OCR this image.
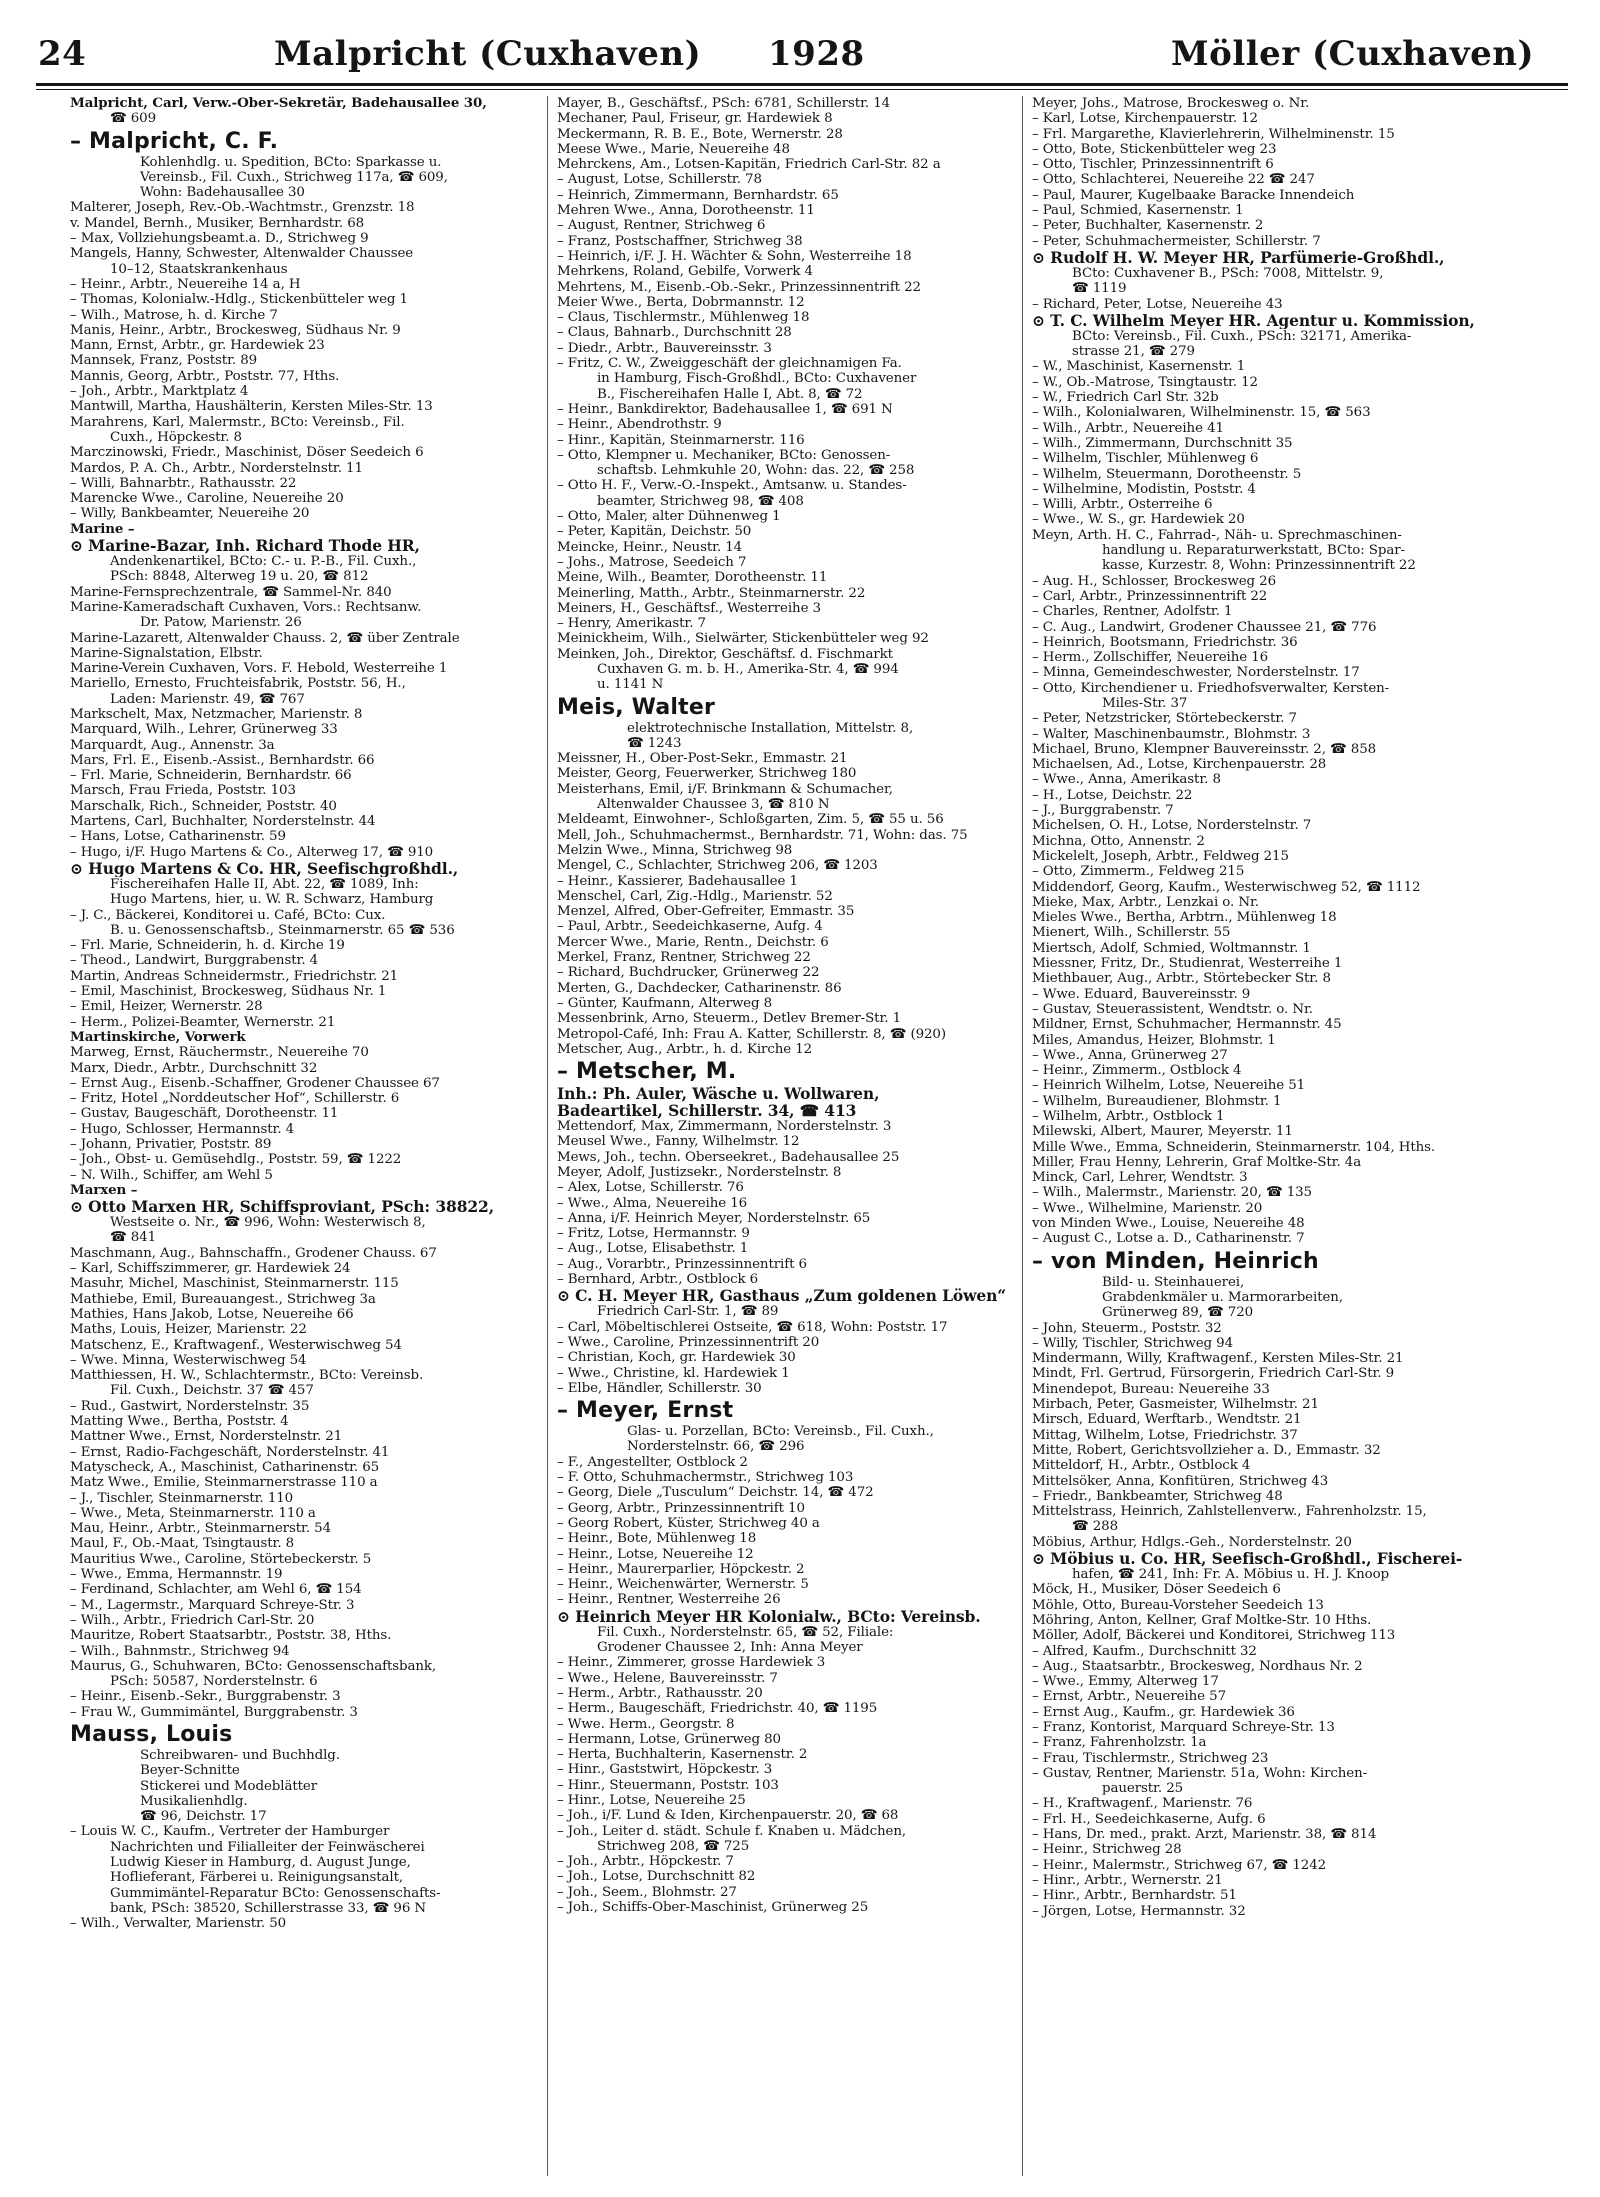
24	Malpricht (Cuxhaven) 1928	Möller (Cuxhaven)
Malpricht, Carl, Verw.-Ober-Sekretär, Badehausallee 30,
☎ 609
– Malpricht, C. F.
Kohlenhdlg. u. Spedition, BCto: Sparkasse u.
Vereinsb., Fil. Cuxh., Strichweg 117a, ☎ 609,
Wohn: Badehausallee 30
Malterer, Joseph, Rev.-Ob.-Wachtmstr., Grenzstr. 18
v. Mandel, Bernh., Musiker, Bernhardstr. 68
– Max, Vollziehungsbeamt.a. D., Strichweg 9
Mangels, Hanny, Schwester, Altenwalder Chaussee
10–12, Staatskrankenhaus
– Heinr., Arbtr., Neuereihe 14 a, H
– Thomas, Kolonialw.-Hdlg., Stickenbütteler weg 1
– Wilh., Matrose, h. d. Kirche 7
Manis, Heinr., Arbtr., Brockesweg, Südhaus Nr. 9
Mann, Ernst, Arbtr., gr. Hardewiek 23
Mannsek, Franz, Poststr. 89
Mannis, Georg, Arbtr., Poststr. 77, Hths.
– Joh., Arbtr., Marktplatz 4
Mantwill, Martha, Haushälterin, Kersten Miles-Str. 13
Marahrens, Karl, Malermstr., BCto: Vereinsb., Fil.
Cuxh., Höpckestr. 8
Marczinowski, Friedr., Maschinist, Döser Seedeich 6
Mardos, P. A. Ch., Arbtr., Norderstelnstr. 11
– Willi, Bahnarbtr., Rathausstr. 22
Marencke Wwe., Caroline, Neuereihe 20
– Willy, Bankbeamter, Neuereihe 20
Marine –
⊙ Marine-Bazar, Inh. Richard Thode HR,
Andenkenartikel, BCto: C.- u. P.-B., Fil. Cuxh.,
PSch: 8848, Alterweg 19 u. 20, ☎ 812
Marine-Fernsprechzentrale, ☎ Sammel-Nr. 840
Marine-Kameradschaft Cuxhaven, Vors.: Rechtsanw.
Dr. Patow, Marienstr. 26
Marine-Lazarett, Altenwalder Chauss. 2, ☎ über Zentrale
Marine-Signalstation, Elbstr.
Marine-Verein Cuxhaven, Vors. F. Hebold, Westerreihe 1
Mariello, Ernesto, Fruchteisfabrik, Poststr. 56, H.,
Laden: Marienstr. 49, ☎ 767
Markschelt, Max, Netzmacher, Marienstr. 8
Marquard, Wilh., Lehrer, Grünerweg 33
Marquardt, Aug., Annenstr. 3a
Mars, Frl. E., Eisenb.-Assist., Bernhardstr. 66
– Frl. Marie, Schneiderin, Bernhardstr. 66
Marsch, Frau Frieda, Poststr. 103
Marschalk, Rich., Schneider, Poststr. 40
Martens, Carl, Buchhalter, Norderstelnstr. 44
– Hans, Lotse, Catharinenstr. 59
– Hugo, i/F. Hugo Martens & Co., Alterweg 17, ☎ 910
⊙ Hugo Martens & Co. HR, Seefischgroßhdl.,
Fischereihafen Halle II, Abt. 22, ☎ 1089, Inh:
Hugo Martens, hier, u. W. R. Schwarz, Hamburg
– J. C., Bäckerei, Konditorei u. Café, BCto: Cux.
B. u. Genossenschaftsb., Steinmarnerstr. 65 ☎ 536
– Frl. Marie, Schneiderin, h. d. Kirche 19
– Theod., Landwirt, Burggrabenstr. 4
Martin, Andreas Schneidermstr., Friedrichstr. 21
– Emil, Maschinist, Brockesweg, Südhaus Nr. 1
– Emil, Heizer, Wernerstr. 28
– Herm., Polizei-Beamter, Wernerstr. 21
Martinskirche, Vorwerk
Marweg, Ernst, Räuchermstr., Neuereihe 70
Marx, Diedr., Arbtr., Durchschnitt 32
– Ernst Aug., Eisenb.-Schaffner, Grodener Chaussee 67
– Fritz, Hotel „Norddeutscher Hof“, Schillerstr. 6
– Gustav, Baugeschäft, Dorotheenstr. 11
– Hugo, Schlosser, Hermannstr. 4
– Johann, Privatier, Poststr. 89
– Joh., Obst- u. Gemüsehdlg., Poststr. 59, ☎ 1222
– N. Wilh., Schiffer, am Wehl 5
Marxen –
⊙ Otto Marxen HR, Schiffsproviant, PSch: 38822,
Westseite o. Nr., ☎ 996, Wohn: Westerwisch 8,
☎ 841
Maschmann, Aug., Bahnschaffn., Grodener Chauss. 67
– Karl, Schiffszimmerer, gr. Hardewiek 24
Masuhr, Michel, Maschinist, Steinmarnerstr. 115
Mathiebe, Emil, Bureauangest., Strichweg 3a
Mathies, Hans Jakob, Lotse, Neuereihe 66
Maths, Louis, Heizer, Marienstr. 22
Matschenz, E., Kraftwagenf., Westerwischweg 54
– Wwe. Minna, Westerwischweg 54
Matthiessen, H. W., Schlachtermstr., BCto: Vereinsb.
Fil. Cuxh., Deichstr. 37 ☎ 457
– Rud., Gastwirt, Norderstelnstr. 35
Matting Wwe., Bertha, Poststr. 4
Mattner Wwe., Ernst, Norderstelnstr. 21
– Ernst, Radio-Fachgeschäft, Norderstelnstr. 41
Matyscheck, A., Maschinist, Catharinenstr. 65
Matz Wwe., Emilie, Steinmarnerstrasse 110 a
– J., Tischler, Steinmarnerstr. 110
– Wwe., Meta, Steinmarnerstr. 110 a
Mau, Heinr., Arbtr., Steinmarnerstr. 54
Maul, F., Ob.-Maat, Tsingtaustr. 8
Mauritius Wwe., Caroline, Störtebeckerstr. 5
– Wwe., Emma, Hermannstr. 19
– Ferdinand, Schlachter, am Wehl 6, ☎ 154
– M., Lagermstr., Marquard Schreye-Str. 3
– Wilh., Arbtr., Friedrich Carl-Str. 20
Mauritze, Robert Staatsarbtr., Poststr. 38, Hths.
– Wilh., Bahnmstr., Strichweg 94
Maurus, G., Schuhwaren, BCto: Genossenschaftsbank,
PSch: 50587, Norderstelnstr. 6
– Heinr., Eisenb.-Sekr., Burggrabenstr. 3
– Frau W., Gummimäntel, Burggrabenstr. 3
Mauss, Louis
Schreibwaren- und Buchhdlg.
Beyer-Schnitte
Stickerei und Modeblätter
Musikalienhdlg.
☎ 96, Deichstr. 17
– Louis W. C., Kaufm., Vertreter der Hamburger
Nachrichten und Filialleiter der Feinwäscherei
Ludwig Kieser in Hamburg, d. August Junge,
Hoflieferant, Färberei u. Reinigungsanstalt,
Gummimäntel-Reparatur BCto: Genossenschafts-
bank, PSch: 38520, Schillerstrasse 33, ☎ 96 N
– Wilh., Verwalter, Marienstr. 50
Mayer, B., Geschäftsf., PSch: 6781, Schillerstr. 14
Mechaner, Paul, Friseur, gr. Hardewiek 8
Meckermann, R. B. E., Bote, Wernerstr. 28
Meese Wwe., Marie, Neuereihe 48
Mehrckens, Am., Lotsen-Kapitän, Friedrich Carl-Str. 82 a
– August, Lotse, Schillerstr. 78
– Heinrich, Zimmermann, Bernhardstr. 65
Mehren Wwe., Anna, Dorotheenstr. 11
– August, Rentner, Strichweg 6
– Franz, Postschaffner, Strichweg 38
– Heinrich, i/F. J. H. Wächter & Sohn, Westerreihe 18
Mehrkens, Roland, Gebilfe, Vorwerk 4
Mehrtens, M., Eisenb.-Ob.-Sekr., Prinzessinnentrift 22
Meier Wwe., Berta, Dobrmannstr. 12
– Claus, Tischlermstr., Mühlenweg 18
– Claus, Bahnarb., Durchschnitt 28
– Diedr., Arbtr., Bauvereinsstr. 3
– Fritz, C. W., Zweiggeschäft der gleichnamigen Fa.
in Hamburg, Fisch-Großhdl., BCto: Cuxhavener
B., Fischereihafen Halle I, Abt. 8, ☎ 72
– Heinr., Bankdirektor, Badehausallee 1, ☎ 691 N
– Heinr., Abendrothstr. 9
– Hinr., Kapitän, Steinmarnerstr. 116
– Otto, Klempner u. Mechaniker, BCto: Genossen-
schaftsb. Lehmkuhle 20, Wohn: das. 22, ☎ 258
– Otto H. F., Verw.-O.-Inspekt., Amtsanw. u. Standes-
beamter, Strichweg 98, ☎ 408
– Otto, Maler, alter Dühnenweg 1
– Peter, Kapitän, Deichstr. 50
Meincke, Heinr., Neustr. 14
– Johs., Matrose, Seedeich 7
Meine, Wilh., Beamter, Dorotheenstr. 11
Meinerling, Matth., Arbtr., Steinmarnerstr. 22
Meiners, H., Geschäftsf., Westerreihe 3
– Henry, Amerikastr. 7
Meinickheim, Wilh., Sielwärter, Stickenbütteler weg 92
Meinken, Joh., Direktor, Geschäftsf. d. Fischmarkt
Cuxhaven G. m. b. H., Amerika-Str. 4, ☎ 994
u. 1141 N
Meis, Walter
elektrotechnische Installation, Mittelstr. 8,
☎ 1243
Meissner, H., Ober-Post-Sekr., Emmastr. 21
Meister, Georg, Feuerwerker, Strichweg 180
Meisterhans, Emil, i/F. Brinkmann & Schumacher,
Altenwalder Chaussee 3, ☎ 810 N
Meldeamt, Einwohner-, Schloßgarten, Zim. 5, ☎ 55 u. 56
Mell, Joh., Schuhmachermst., Bernhardstr. 71, Wohn: das. 75
Melzin Wwe., Minna, Strichweg 98
Mengel, C., Schlachter, Strichweg 206, ☎ 1203
– Heinr., Kassierer, Badehausallee 1
Menschel, Carl, Zig.-Hdlg., Marienstr. 52
Menzel, Alfred, Ober-Gefreiter, Emmastr. 35
– Paul, Arbtr., Seedeichkaserne, Aufg. 4
Mercer Wwe., Marie, Rentn., Deichstr. 6
Merkel, Franz, Rentner, Strichweg 22
– Richard, Buchdrucker, Grünerweg 22
Merten, G., Dachdecker, Catharinenstr. 86
– Günter, Kaufmann, Alterweg 8
Messenbrink, Arno, Steuerm., Detlev Bremer-Str. 1
Metropol-Café, Inh: Frau A. Katter, Schillerstr. 8, ☎ (920)
Metscher, Aug., Arbtr., h. d. Kirche 12
– Metscher, M.
Inh.: Ph. Auler, Wäsche u. Wollwaren,
Badeartikel, Schillerstr. 34, ☎ 413
Mettendorf, Max, Zimmermann, Norderstelnstr. 3
Meusel Wwe., Fanny, Wilhelmstr. 12
Mews, Joh., techn. Oberseekret., Badehausallee 25
Meyer, Adolf, Justizsekr., Norderstelnstr. 8
– Alex, Lotse, Schillerstr. 76
– Wwe., Alma, Neuereihe 16
– Anna, i/F. Heinrich Meyer, Norderstelnstr. 65
– Fritz, Lotse, Hermannstr. 9
– Aug., Lotse, Elisabethstr. 1
– Aug., Vorarbtr., Prinzessinnentrift 6
– Bernhard, Arbtr., Ostblock 6
⊙ C. H. Meyer HR, Gasthaus „Zum goldenen Löwen“
Friedrich Carl-Str. 1, ☎ 89
– Carl, Möbeltischlerei Ostseite, ☎ 618, Wohn: Poststr. 17
– Wwe., Caroline, Prinzessinnentrift 20
– Christian, Koch, gr. Hardewiek 30
– Wwe., Christine, kl. Hardewiek 1
– Elbe, Händler, Schillerstr. 30
– Meyer, Ernst
Glas- u. Porzellan, BCto: Vereinsb., Fil. Cuxh.,
Norderstelnstr. 66, ☎ 296
– F., Angestellter, Ostblock 2
– F. Otto, Schuhmachermstr., Strichweg 103
– Georg, Diele „Tusculum“ Deichstr. 14, ☎ 472
– Georg, Arbtr., Prinzessinnentrift 10
– Georg Robert, Küster, Strichweg 40 a
– Heinr., Bote, Mühlenweg 18
– Heinr., Lotse, Neuereihe 12
– Heinr., Maurerparlier, Höpckestr. 2
– Heinr., Weichenwärter, Wernerstr. 5
– Heinr., Rentner, Westerreihe 26
⊙ Heinrich Meyer HR Kolonialw., BCto: Vereinsb.
Fil. Cuxh., Norderstelnstr. 65, ☎ 52, Filiale:
Grodener Chaussee 2, Inh: Anna Meyer
– Heinr., Zimmerer, grosse Hardewiek 3
– Wwe., Helene, Bauvereinsstr. 7
– Herm., Arbtr., Rathausstr. 20
– Herm., Baugeschäft, Friedrichstr. 40, ☎ 1195
– Wwe. Herm., Georgstr. 8
– Hermann, Lotse, Grünerweg 80
– Herta, Buchhalterin, Kasernenstr. 2
– Hinr., Gaststwirt, Höpckestr. 3
– Hinr., Steuermann, Poststr. 103
– Hinr., Lotse, Neuereihe 25
– Joh., i/F. Lund & Iden, Kirchenpauerstr. 20, ☎ 68
– Joh., Leiter d. städt. Schule f. Knaben u. Mädchen,
Strichweg 208, ☎ 725
– Joh., Arbtr., Höpckestr. 7
– Joh., Lotse, Durchschnitt 82
– Joh., Seem., Blohmstr. 27
– Joh., Schiffs-Ober-Maschinist, Grünerweg 25
Meyer, Johs., Matrose, Brockesweg o. Nr.
– Karl, Lotse, Kirchenpauerstr. 12
– Frl. Margarethe, Klavierlehrerin, Wilhelminenstr. 15
– Otto, Bote, Stickenbütteler weg 23
– Otto, Tischler, Prinzessinnentrift 6
– Otto, Schlachterei, Neuereihe 22 ☎ 247
– Paul, Maurer, Kugelbaake Baracke Innendeich
– Paul, Schmied, Kasernenstr. 1
– Peter, Buchhalter, Kasernenstr. 2
– Peter, Schuhmachermeister, Schillerstr. 7
⊙ Rudolf H. W. Meyer HR, Parfümerie-Großhdl.,
BCto: Cuxhavener B., PSch: 7008, Mittelstr. 9,
☎ 1119
– Richard, Peter, Lotse, Neuereihe 43
⊙ T. C. Wilhelm Meyer HR. Agentur u. Kommission,
BCto: Vereinsb., Fil. Cuxh., PSch: 32171, Amerika-
strasse 21, ☎ 279
– W., Maschinist, Kasernenstr. 1
– W., Ob.-Matrose, Tsingtaustr. 12
– W., Friedrich Carl Str. 32b
– Wilh., Kolonialwaren, Wilhelminenstr. 15, ☎ 563
– Wilh., Arbtr., Neuereihe 41
– Wilh., Zimmermann, Durchschnitt 35
– Wilhelm, Tischler, Mühlenweg 6
– Wilhelm, Steuermann, Dorotheenstr. 5
– Wilhelmine, Modistin, Poststr. 4
– Willi, Arbtr., Osterreihe 6
– Wwe., W. S., gr. Hardewiek 20
Meyn, Arth. H. C., Fahrrad-, Näh- u. Sprechmaschinen-
handlung u. Reparaturwerkstatt, BCto: Spar-
kasse, Kurzestr. 8, Wohn: Prinzessinnentrift 22
– Aug. H., Schlosser, Brockesweg 26
– Carl, Arbtr., Prinzessinnentrift 22
– Charles, Rentner, Adolfstr. 1
– C. Aug., Landwirt, Grodener Chaussee 21, ☎ 776
– Heinrich, Bootsmann, Friedrichstr. 36
– Herm., Zollschiffer, Neuereihe 16
– Minna, Gemeindeschwester, Norderstelnstr. 17
– Otto, Kirchendiener u. Friedhofsverwalter, Kersten-
Miles-Str. 37
– Peter, Netzstricker, Störtebeckerstr. 7
– Walter, Maschinenbaumstr., Blohmstr. 3
Michael, Bruno, Klempner Bauvereinsstr. 2, ☎ 858
Michaelsen, Ad., Lotse, Kirchenpauerstr. 28
– Wwe., Anna, Amerikastr. 8
– H., Lotse, Deichstr. 22
– J., Burggrabenstr. 7
Michelsen, O. H., Lotse, Norderstelnstr. 7
Michna, Otto, Annenstr. 2
Mickelelt, Joseph, Arbtr., Feldweg 215
– Otto, Zimmerm., Feldweg 215
Middendorf, Georg, Kaufm., Westerwischweg 52, ☎ 1112
Mieke, Max, Arbtr., Lenzkai o. Nr.
Mieles Wwe., Bertha, Arbtrn., Mühlenweg 18
Mienert, Wilh., Schillerstr. 55
Miertsch, Adolf, Schmied, Woltmannstr. 1
Miessner, Fritz, Dr., Studienrat, Westerreihe 1
Miethbauer, Aug., Arbtr., Störtebecker Str. 8
– Wwe. Eduard, Bauvereinsstr. 9
– Gustav, Steuerassistent, Wendtstr. o. Nr.
Mildner, Ernst, Schuhmacher, Hermannstr. 45
Miles, Amandus, Heizer, Blohmstr. 1
– Wwe., Anna, Grünerweg 27
– Heinr., Zimmerm., Ostblock 4
– Heinrich Wilhelm, Lotse, Neuereihe 51
– Wilhelm, Bureaudiener, Blohmstr. 1
– Wilhelm, Arbtr., Ostblock 1
Milewski, Albert, Maurer, Meyerstr. 11
Mille Wwe., Emma, Schneiderin, Steinmarnerstr. 104, Hths.
Miller, Frau Henny, Lehrerin, Graf Moltke-Str. 4a
Minck, Carl, Lehrer, Wendtstr. 3
– Wilh., Malermstr., Marienstr. 20, ☎ 135
– Wwe., Wilhelmine, Marienstr. 20
von Minden Wwe., Louise, Neuereihe 48
– August C., Lotse a. D., Catharinenstr. 7
– von Minden, Heinrich
Bild- u. Steinhauerei,
Grabdenkmäler u. Marmorarbeiten,
Grünerweg 89, ☎ 720
– John, Steuerm., Poststr. 32
– Willy, Tischler, Strichweg 94
Mindermann, Willy, Kraftwagenf., Kersten Miles-Str. 21
Mindt, Frl. Gertrud, Fürsorgerin, Friedrich Carl-Str. 9
Minendepot, Bureau: Neuereihe 33
Mirbach, Peter, Gasmeister, Wilhelmstr. 21
Mirsch, Eduard, Werftarb., Wendtstr. 21
Mittag, Wilhelm, Lotse, Friedrichstr. 37
Mitte, Robert, Gerichtsvollzieher a. D., Emmastr. 32
Mitteldorf, H., Arbtr., Ostblock 4
Mittelsöker, Anna, Konfitüren, Strichweg 43
– Friedr., Bankbeamter, Strichweg 48
Mittelstrass, Heinrich, Zahlstellenverw., Fahrenholzstr. 15,
☎ 288
Möbius, Arthur, Hdlgs.-Geh., Norderstelnstr. 20
⊙ Möbius u. Co. HR, Seefisch-Großhdl., Fischerei-
hafen, ☎ 241, Inh: Fr. A. Möbius u. H. J. Knoop
Möck, H., Musiker, Döser Seedeich 6
Möhle, Otto, Bureau-Vorsteher Seedeich 13
Möhring, Anton, Kellner, Graf Moltke-Str. 10 Hths.
Möller, Adolf, Bäckerei und Konditorei, Strichweg 113
– Alfred, Kaufm., Durchschnitt 32
– Aug., Staatsarbtr., Brockesweg, Nordhaus Nr. 2
– Wwe., Emmy, Alterweg 17
– Ernst, Arbtr., Neuereihe 57
– Ernst Aug., Kaufm., gr. Hardewiek 36
– Franz, Kontorist, Marquard Schreye-Str. 13
– Franz, Fahrenholzstr. 1a
– Frau, Tischlermstr., Strichweg 23
– Gustav, Rentner, Marienstr. 51a, Wohn: Kirchen-
pauerstr. 25
– H., Kraftwagenf., Marienstr. 76
– Frl. H., Seedeichkaserne, Aufg. 6
– Hans, Dr. med., prakt. Arzt, Marienstr. 38, ☎ 814
– Heinr., Strichweg 28
– Heinr., Malermstr., Strichweg 67, ☎ 1242
– Hinr., Arbtr., Wernerstr. 21
– Hinr., Arbtr., Bernhardstr. 51
– Jörgen, Lotse, Hermannstr. 32
